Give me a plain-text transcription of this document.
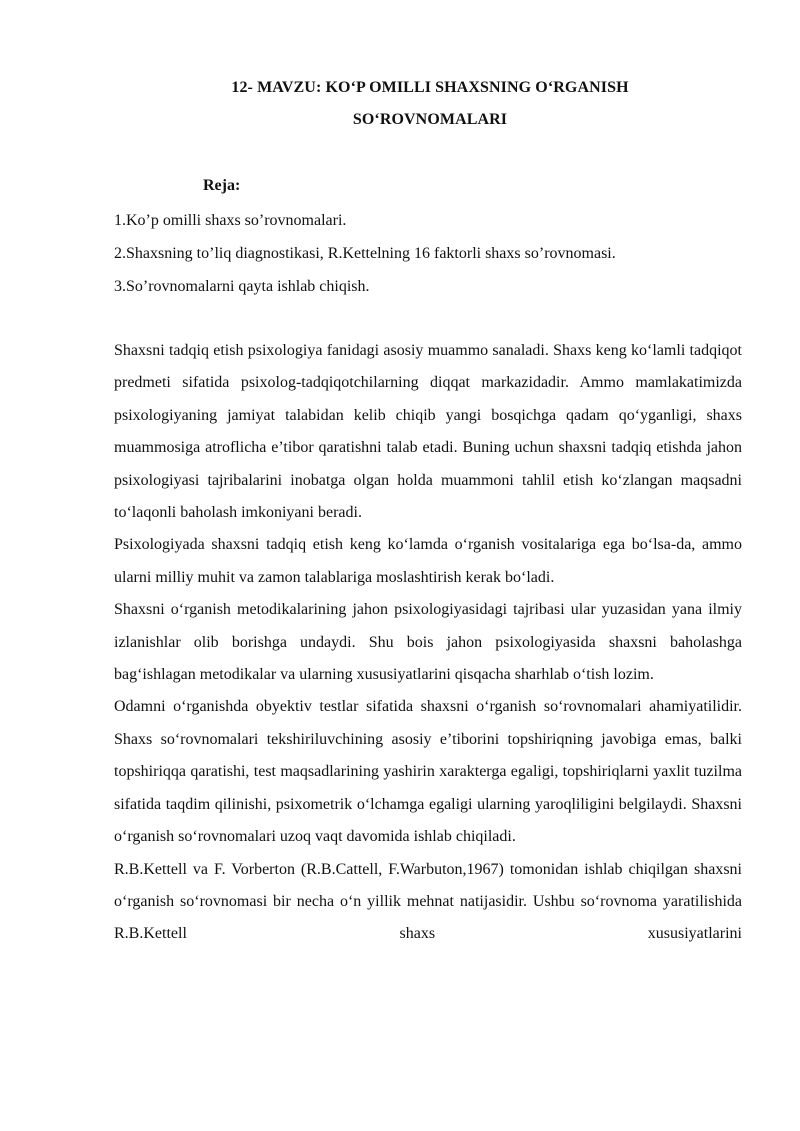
12- MAVZU: KO‘P OMILLI SHAXSNING O‘RGANISH
SO‘ROVNOMALARI
Reja:
1.Ko’p omilli shaxs so’rovnomalari.
2.Shaxsning to’liq diagnostikasi, R.Kettelning 16 faktorli shaxs so’rovnomasi.
3.So’rovnomalarni qayta ishlab chiqish.

Shaxsni tadqiq etish psixologiya fanidagi asosiy muammo sanaladi. Shaxs keng ko‘lamli tadqiqot predmeti sifatida psixolog-tadqiqotchilarning diqqat markazidadir. Ammo mamlakatimizda psixologiyaning jamiyat talabidan kelib chiqib yangi bosqichga qadam qo‘yganligi, shaxs muammosiga atroflicha e’tibor qaratishni talab etadi. Buning uchun shaxsni tadqiq etishda jahon psixologiyasi tajribalarini inobatga olgan holda muammoni tahlil etish ko‘zlangan maqsadni to‘laqonli baholash imkoniyani beradi.

Psixologiyada shaxsni tadqiq etish keng ko‘lamda o‘rganish vositalariga ega bo‘lsa-da, ammo ularni milliy muhit va zamon talablariga moslashtirish kerak bo‘ladi.

Shaxsni o‘rganish metodikalarining jahon psixologiyasidagi tajribasi ular yuzasidan yana ilmiy izlanishlar olib borishga undaydi. Shu bois jahon psixologiyasida shaxsni baholashga bag‘ishlagan metodikalar va ularning xususiyatlarini qisqacha sharhlab o‘tish lozim.

Odamni o‘rganishda obyektiv testlar sifatida shaxsni o‘rganish so‘rovnomalari ahamiyatilidir. Shaxs so‘rovnomalari tekshiriluvchining asosiy e’tiborini topshiriqning javobiga emas, balki topshiriqqa qaratishi, test maqsadlarining yashirin xarakterga egaligi, topshiriqlarni yaxlit tuzilma sifatida taqdim qilinishi, psixometrik o‘lchamga egaligi ularning yaroqliligini belgilaydi. Shaxsni o‘rganish so‘rovnomalari uzoq vaqt davomida ishlab chiqiladi.

R.B.Kettell va F. Vorberton (R.B.Cattell, F.Warbuton,1967) tomonidan ishlab chiqilgan shaxsni o‘rganish so‘rovnomasi bir necha o‘n yillik mehnat natijasidir. Ushbu so‘rovnoma yaratilishida R.B.Kettell shaxs xususiyatlarini
